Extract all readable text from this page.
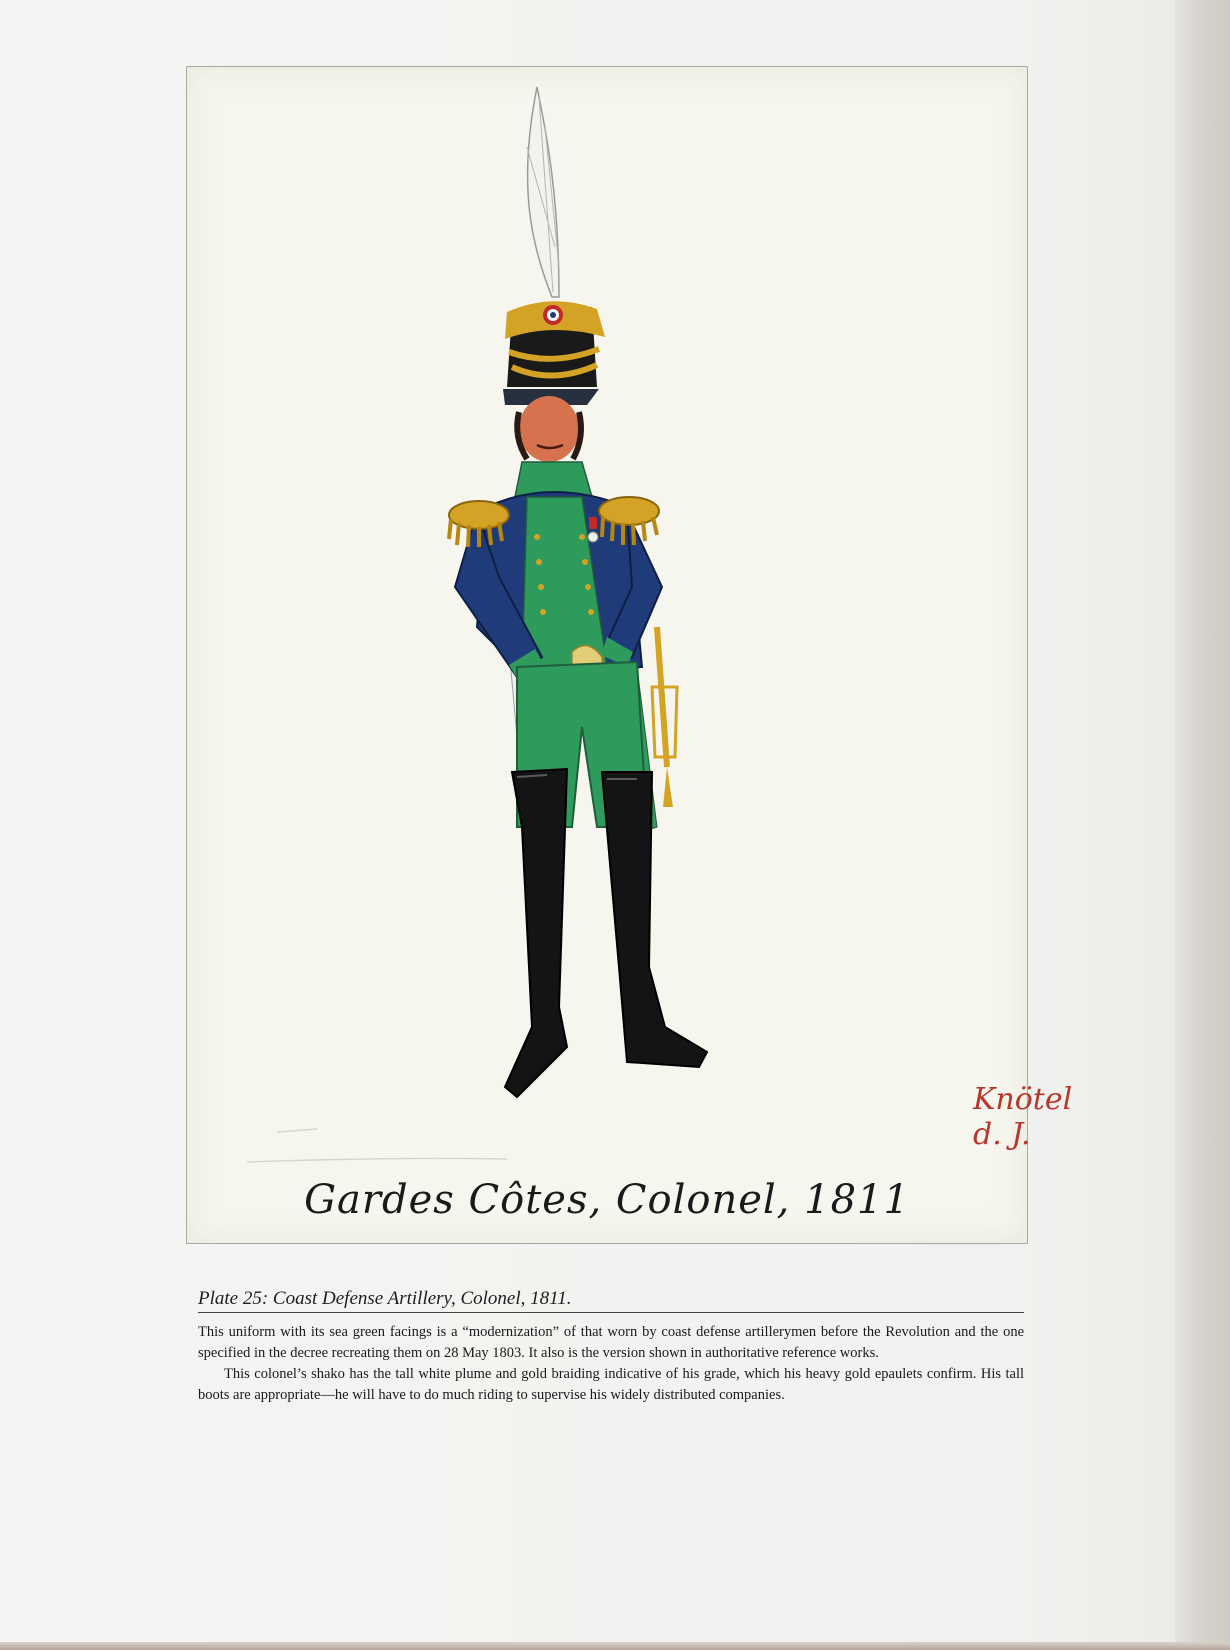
Knötel d. J.
Gardes Côtes, Colonel, 1811
Plate 25: Coast Defense Artillery, Colonel, 1811.

This uniform with its sea green facings is a “modernization” of that worn by coast defense artillerymen before the Revolution and the one specified in the decree recreating them on 28 May 1803. It also is the version shown in authoritative reference works.

This colonel’s shako has the tall white plume and gold braiding indicative of his grade, which his heavy gold epaulets confirm. His tall boots are appropriate—he will have to do much riding to supervise his widely distributed companies.
